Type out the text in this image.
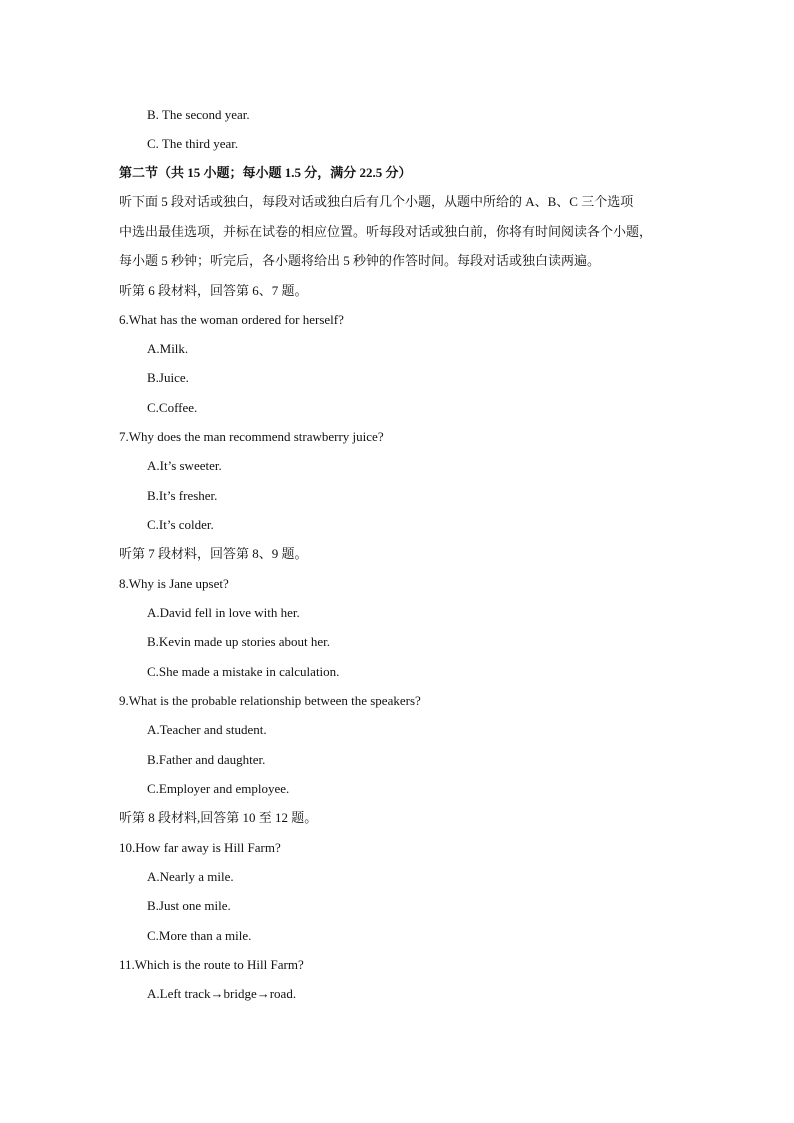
B. The second year.
C. The third year.
第二节（共 15 小题；每小题 1.5 分，满分 22.5 分）
听下面 5 段对话或独白，每段对话或独白后有几个小题，从题中所给的 A、B、C 三个选项
中选出最佳选项，并标在试卷的相应位置。听每段对话或独白前，你将有时间阅读各个小题，
每小题 5 秒钟；听完后，各小题将给出 5 秒钟的作答时间。每段对话或独白读两遍。
听第 6 段材料，回答第 6、7 题。
6.What has the woman ordered for herself?
A.Milk.
B.Juice.
C.Coffee.
7.Why does the man recommend strawberry juice?
A.It’s sweeter.
B.It’s fresher.
C.It’s colder.
听第 7 段材料，回答第 8、9 题。
8.Why is Jane upset?
A.David fell in love with her.
B.Kevin made up stories about her.
C.She made a mistake in calculation.
9.What is the probable relationship between the speakers?
A.Teacher and student.
B.Father and daughter.
C.Employer and employee.
听第 8 段材料,回答第 10 至 12 题。
10.How far away is Hill Farm?
A.Nearly a mile.
B.Just one mile.
C.More than a mile.
11.Which is the route to Hill Farm?
A.Left track→bridge→road.
